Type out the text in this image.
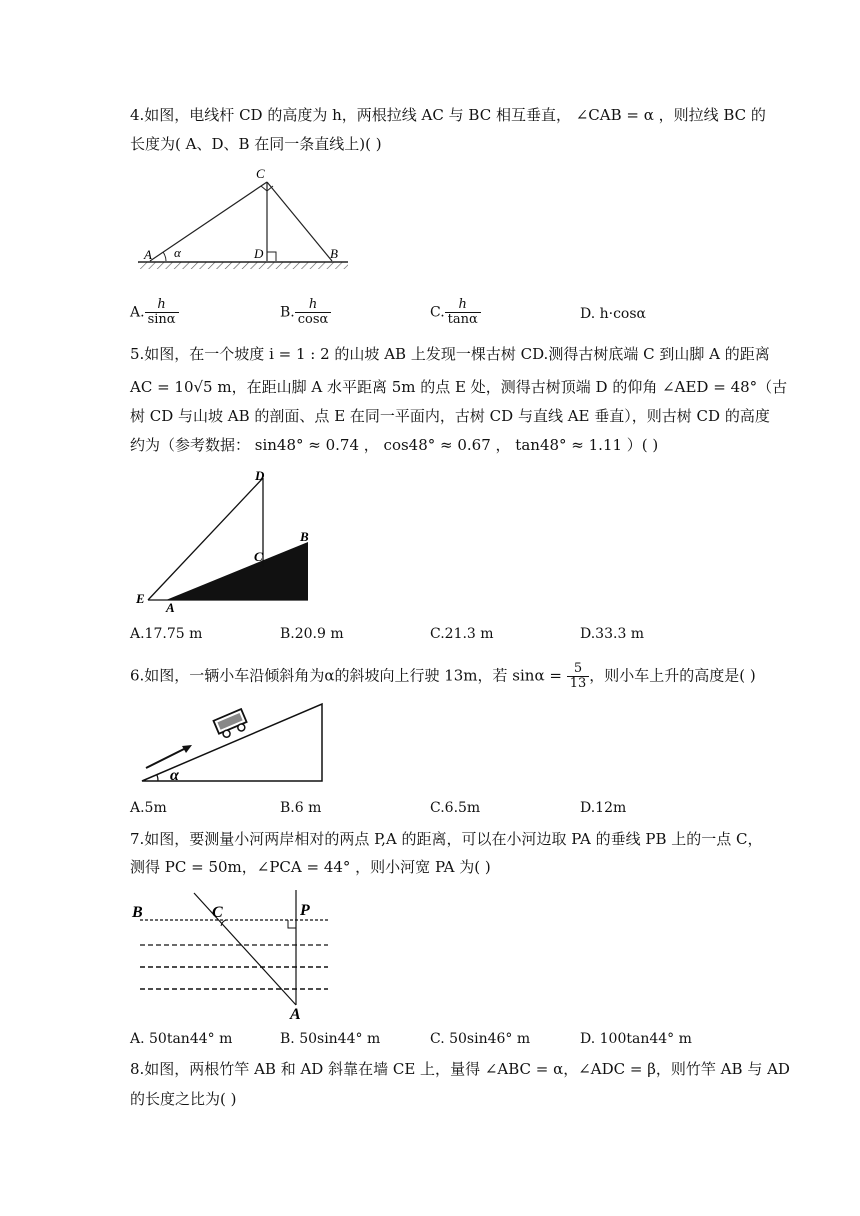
4.如图，电线杆 CD 的高度为 h，两根拉线 AC 与 BC 相互垂直， ∠CAB = α ，则拉线 BC 的
长度为( A、D、B 在同一条直线上)( )
C
A α	D	B
A. $\frac{h}{\sin\alpha}$	B. $\frac{h}{\cos\alpha}$	C. $\frac{h}{\tan\alpha}$	D. h·cosα
5.如图，在一个坡度 i = 1 : 2 的山坡 AB 上发现一棵古树 CD.测得古树底端 C 到山脚 A 的距离
AC = 10√5 m，在距山脚 A 水平距离 5m 的点 E 处，测得古树顶端 D 的仰角 ∠AED = 48°（古
树 CD 与山坡 AB 的剖面、点 E 在同一平面内，古树 CD 与直线 AE 垂直），则古树 CD 的高度
约为（参考数据： sin48° ≈ 0.74 ， cos48° ≈ 0.67 ， tan48° ≈ 1.11 ）( )
D
C
B
E
A
A.17.75 m	B.20.9 m	C.21.3 m	D.33.3 m
6.如图，一辆小车沿倾斜角为α的斜坡向上行驶 13m，若 $\sin\alpha = \frac{5}{13}$ ，则小车上升的高度是( )
α
A.5m	B.6 m	C.6.5m	D.12m
7.如图，要测量小河两岸相对的两点 P,A 的距离，可以在小河边取 PA 的垂线 PB 上的一点 C，
测得 PC = 50m，∠PCA = 44° ，则小河宽 PA 为( )
B	C	P
A
A. 50tan44° m	B. 50sin44° m	C. 50sin46° m	D. 100tan44° m
8.如图，两根竹竿 AB 和 AD 斜靠在墙 CE 上，量得 ∠ABC = α，∠ADC = β，则竹竿 AB 与 AD
的长度之比为( )
